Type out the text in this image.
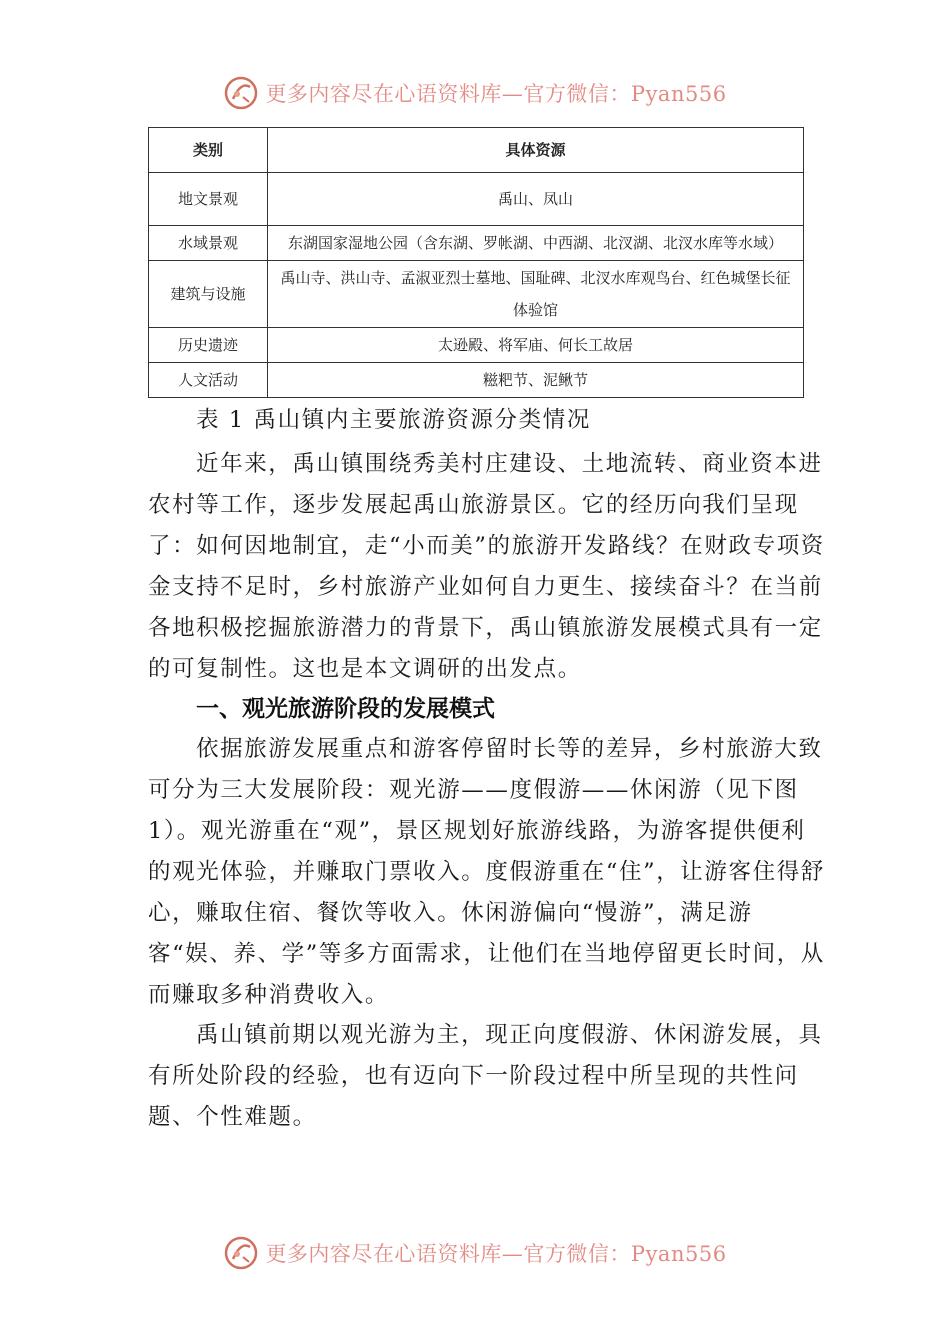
更多内容尽在心语资料库—官方微信：Pyan556
类别	具体资源
地文景观	禹山、凤山
水域景观	东湖国家湿地公园（含东湖、罗帐湖、中西湖、北汊湖、北汊水库等水域）
建筑与设施	禹山寺、洪山寺、孟淑亚烈士墓地、国耻碑、北汊水库观鸟台、红色城堡长征体验馆
历史遗迹	太逊殿、将军庙、何长工故居
人文活动	糍粑节、泥鳅节

表 1 禹山镇内主要旅游资源分类情况

近年来，禹山镇围绕秀美村庄建设、土地流转、商业资本进农村等工作，逐步发展起禹山旅游景区。它的经历向我们呈现了：如何因地制宜，走“小而美”的旅游开发路线？在财政专项资金支持不足时，乡村旅游产业如何自力更生、接续奋斗？在当前各地积极挖掘旅游潜力的背景下，禹山镇旅游发展模式具有一定的可复制性。这也是本文调研的出发点。

一、观光旅游阶段的发展模式

依据旅游发展重点和游客停留时长等的差异，乡村旅游大致可分为三大发展阶段：观光游——度假游——休闲游（见下图 1）。观光游重在“观”，景区规划好旅游线路，为游客提供便利的观光体验，并赚取门票收入。度假游重在“住”，让游客住得舒心，赚取住宿、餐饮等收入。休闲游偏向“慢游”，满足游客“娱、养、学”等多方面需求，让他们在当地停留更长时间，从而赚取多种消费收入。

禹山镇前期以观光游为主，现正向度假游、休闲游发展，具有所处阶段的经验，也有迈向下一阶段过程中所呈现的共性问题、个性难题。

更多内容尽在心语资料库—官方微信：Pyan556
